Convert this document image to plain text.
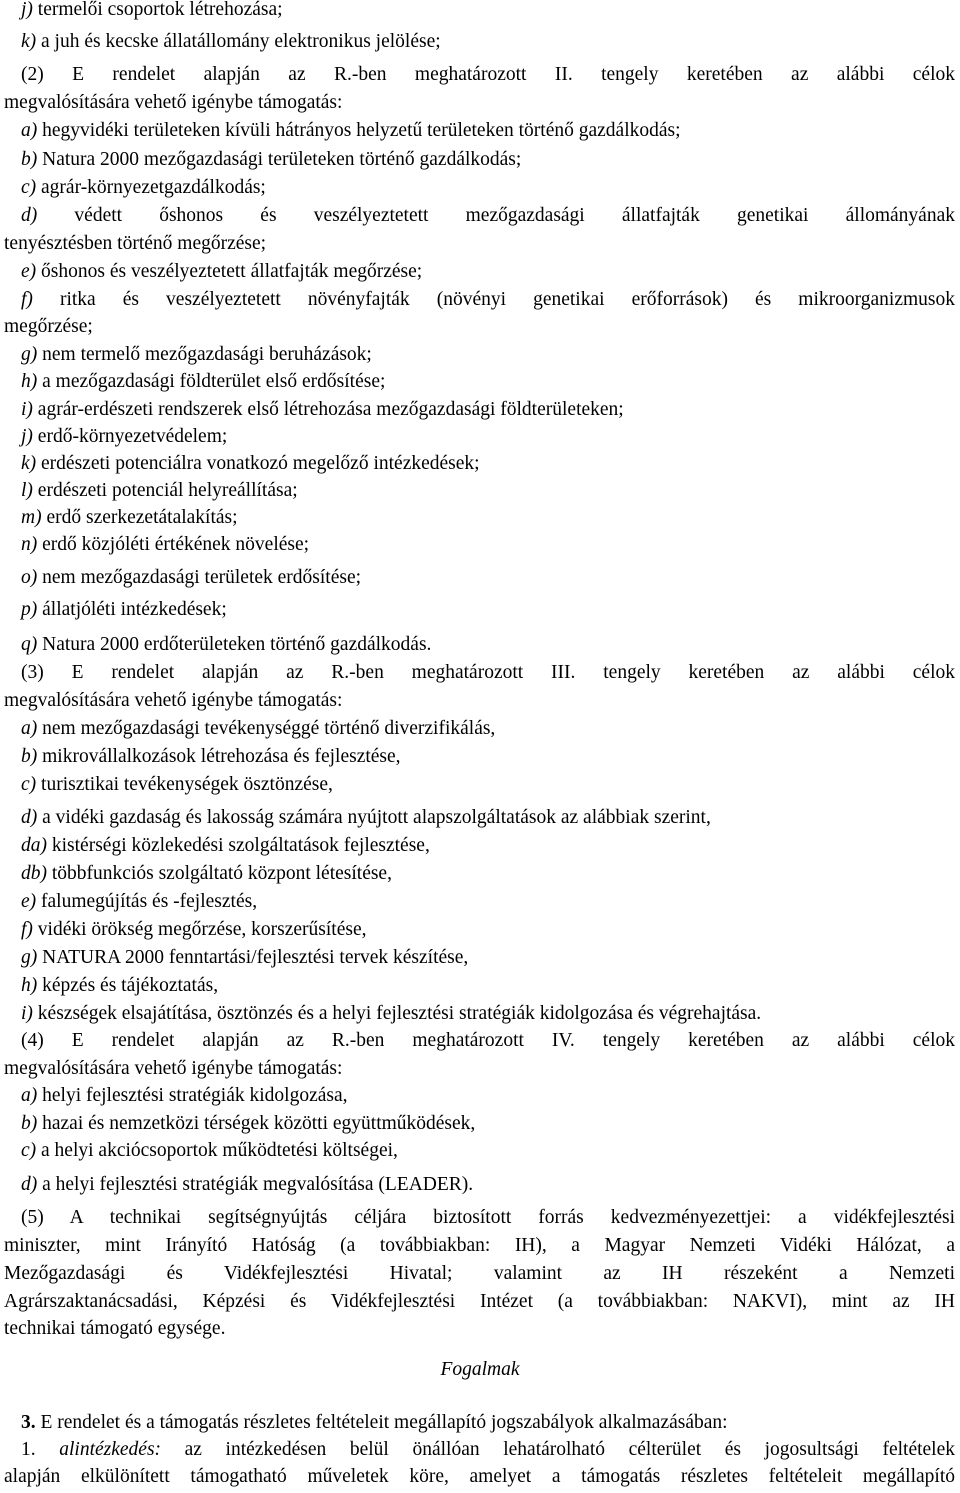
j) termelői csoportok létrehozása;
k) a juh és kecske állatállomány elektronikus jelölése;
(2) E rendelet alapján az R.-ben meghatározott II. tengely keretében az alábbi célok
megvalósítására vehető igénybe támogatás:
a) hegyvidéki területeken kívüli hátrányos helyzetű területeken történő gazdálkodás;
b) Natura 2000 mezőgazdasági területeken történő gazdálkodás;
c) agrár-környezetgazdálkodás;
d) védett őshonos és veszélyeztetett mezőgazdasági állatfajták genetikai állományának
tenyésztésben történő megőrzése;
e) őshonos és veszélyeztetett állatfajták megőrzése;
f) ritka és veszélyeztetett növényfajták (növényi genetikai erőforrások) és mikroorganizmusok
megőrzése;
g) nem termelő mezőgazdasági beruházások;
h) a mezőgazdasági földterület első erdősítése;
i) agrár-erdészeti rendszerek első létrehozása mezőgazdasági földterületeken;
j) erdő-környezetvédelem;
k) erdészeti potenciálra vonatkozó megelőző intézkedések;
l) erdészeti potenciál helyreállítása;
m) erdő szerkezetátalakítás;
n) erdő közjóléti értékének növelése;
o) nem mezőgazdasági területek erdősítése;
p) állatjóléti intézkedések;
q) Natura 2000 erdőterületeken történő gazdálkodás.
(3) E rendelet alapján az R.-ben meghatározott III. tengely keretében az alábbi célok
megvalósítására vehető igénybe támogatás:
a) nem mezőgazdasági tevékenységgé történő diverzifikálás,
b) mikrovállalkozások létrehozása és fejlesztése,
c) turisztikai tevékenységek ösztönzése,
d) a vidéki gazdaság és lakosság számára nyújtott alapszolgáltatások az alábbiak szerint,
da) kistérségi közlekedési szolgáltatások fejlesztése,
db) többfunkciós szolgáltató központ létesítése,
e) falumegújítás és -fejlesztés,
f) vidéki örökség megőrzése, korszerűsítése,
g) NATURA 2000 fenntartási/fejlesztési tervek készítése,
h) képzés és tájékoztatás,
i) készségek elsajátítása, ösztönzés és a helyi fejlesztési stratégiák kidolgozása és végrehajtása.
(4) E rendelet alapján az R.-ben meghatározott IV. tengely keretében az alábbi célok
megvalósítására vehető igénybe támogatás:
a) helyi fejlesztési stratégiák kidolgozása,
b) hazai és nemzetközi térségek közötti együttműködések,
c) a helyi akciócsoportok működtetési költségei,
d) a helyi fejlesztési stratégiák megvalósítása (LEADER).
(5) A technikai segítségnyújtás céljára biztosított forrás kedvezményezettjei: a vidékfejlesztési
miniszter, mint Irányító Hatóság (a továbbiakban: IH), a Magyar Nemzeti Vidéki Hálózat, a
Mezőgazdasági és Vidékfejlesztési Hivatal; valamint az IH részeként a Nemzeti
Agrárszaktanácsadási, Képzési és Vidékfejlesztési Intézet (a továbbiakban: NAKVI), mint az IH
technikai támogató egysége.
Fogalmak
3. E rendelet és a támogatás részletes feltételeit megállapító jogszabályok alkalmazásában:
1. alintézkedés: az intézkedésen belül önállóan lehatárolható célterület és jogosultsági feltételek
alapján elkülönített támogatható műveletek köre, amelyet a támogatás részletes feltételeit megállapító
